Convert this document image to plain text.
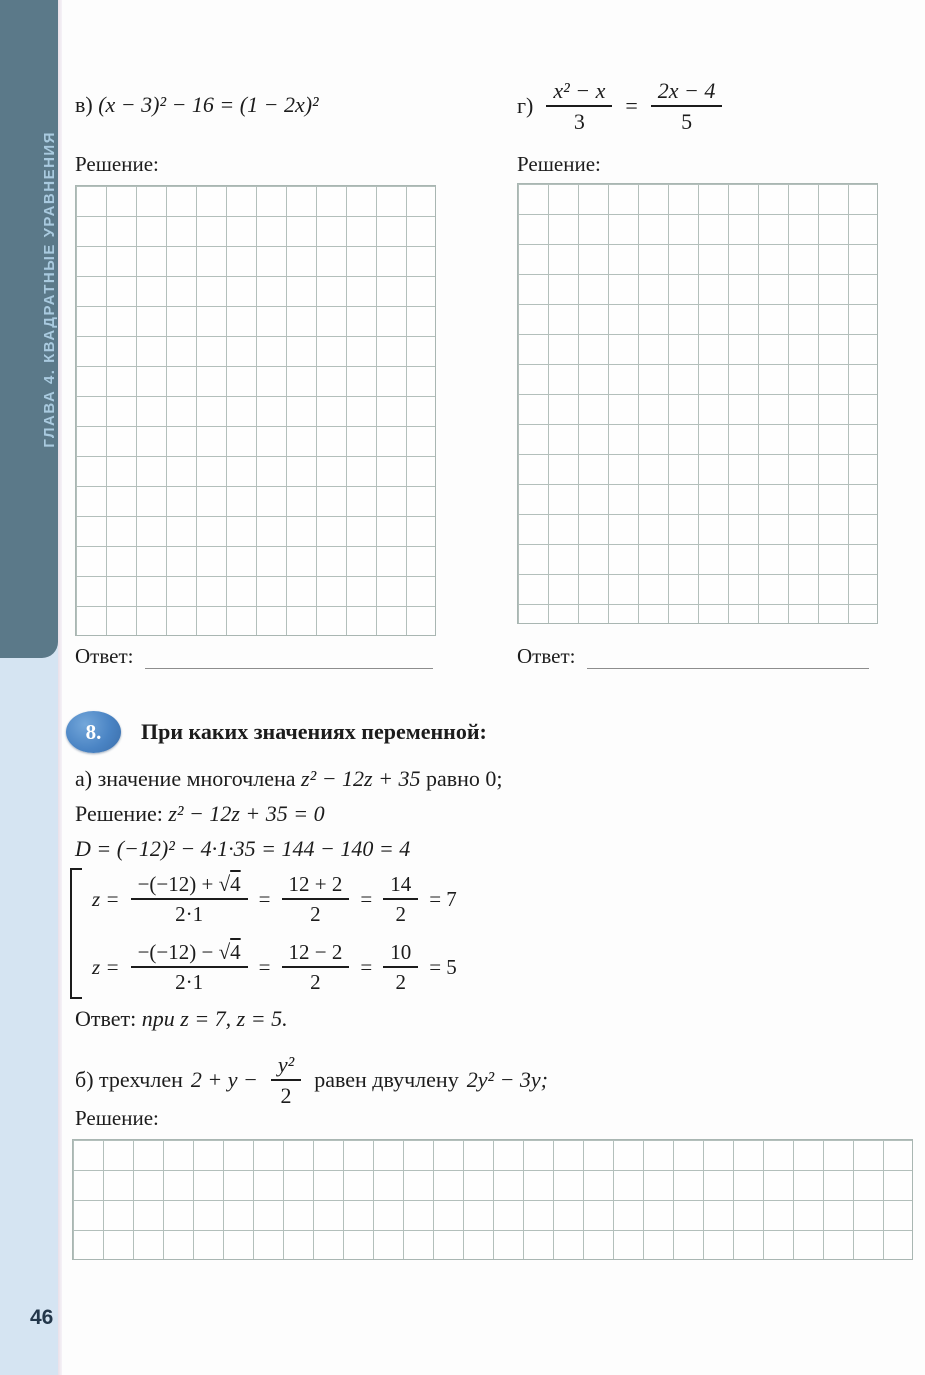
ГЛАВА 4. КВАДРАТНЫЕ УРАВНЕНИЯ
46
в) (x − 3)² − 16 = (1 − 2x)²
Решение:
Ответ:
$г) \frac{\text{x² − x}}{3} = \frac{2x - 4}{5}$
Решение:
Ответ:
8.	При каких значениях переменной:
а) значение многочлена z² − 12z + 35 равно 0;
Решение: z² − 12z + 35 = 0
D = (−12)² − 4·1·35 = 144 − 140 = 4
$z = \frac{-(-12) + √4}{2\cdot 1} = \frac{12 + 2}{2} = \frac{14}{2} = 7$
$z = \frac{-(-12) - √4}{2\cdot 1} = \frac{12 - 2}{2} = \frac{10}{2} = 5$
Ответ: при z = 7, z = 5.
б) трехчлен $2 + y - \frac{\text{y²}}{2}$ равен двучлену 2y² − 3y;
Решение:
